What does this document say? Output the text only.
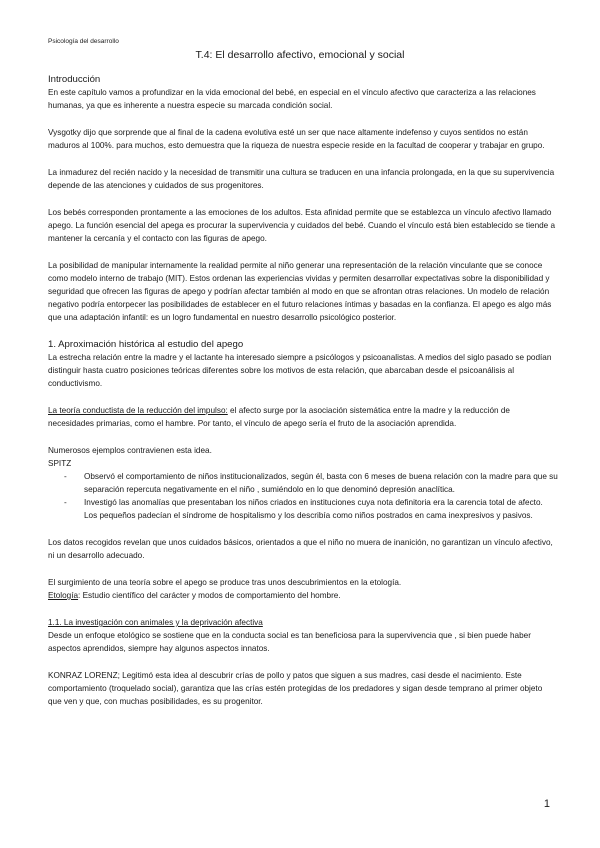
Psicología del desarrollo
T.4: El desarrollo afectivo, emocional y social

Introducción

En este capítulo vamos a profundizar en la vida emocional del bebé, en especial en el vínculo afectivo que caracteriza a las relaciones humanas, ya que es inherente a nuestra especie su marcada condición social.

Vysgotky dijo que sorprende que al final de la cadena evolutiva esté un ser que nace altamente indefenso y cuyos sentidos no están maduros al 100%. para muchos, esto demuestra que la riqueza de nuestra especie reside en la facultad de cooperar y trabajar en grupo.

La inmadurez del recién nacido y la necesidad de transmitir una cultura se traducen en una infancia prolongada, en la que su supervivencia depende de las atenciones y cuidados de sus progenitores.

Los bebés corresponden prontamente a las emociones de los adultos. Esta afinidad permite que se establezca un vínculo afectivo llamado apego. La función esencial del apega es procurar la supervivencia y cuidados del bebé. Cuando el vínculo está bien establecido se tiende a mantener la cercanía y el contacto con las figuras de apego.

La posibilidad de manipular internamente la realidad permite al niño generar una representación de la relación vinculante que se conoce como modelo interno de trabajo (MIT). Estos ordenan las experiencias vividas y permiten desarrollar expectativas sobre la disponibilidad y seguridad que ofrecen las figuras de apego y podrían afectar también al modo en que se afrontan otras relaciones. Un modelo de relación negativo podría entorpecer las posibilidades de establecer en el futuro relaciones íntimas y basadas en la confianza. El apego es algo más que una adaptación infantil: es un logro fundamental en nuestro desarrollo psicológico posterior.

1. Aproximación histórica al estudio del apego

La estrecha relación entre la madre y el lactante ha interesado siempre a psicólogos y psicoanalistas. A medios del siglo pasado se podían distinguir hasta cuatro posiciones teóricas diferentes sobre los motivos de esta relación, que abarcaban desde el psicoanálisis al conductivismo.

La teoría conductista de la reducción del impulso: el afecto surge por la asociación sistemática entre la madre y la reducción de necesidades primarias, como el hambre. Por tanto, el vínculo de apego sería el fruto de la asociación aprendida.

Numerosos ejemplos contravienen esta idea.

SPITZ

- Observó el comportamiento de niños institucionalizados, según él, basta con 6 meses de buena relación con la madre para que su separación repercuta negativamente en el niño , sumiéndolo en lo que denominó depresión anaclítica.
- Investigó las anomalías que presentaban los niños criados en instituciones cuya nota definitoria era la carencia total de afecto. Los pequeños padecían el síndrome de hospitalismo y los describía como niños postrados en cama inexpresivos y pasivos.

Los datos recogidos revelan que unos cuidados básicos, orientados a que el niño no muera de inanición, no garantizan un vínculo afectivo, ni un desarrollo adecuado.

El surgimiento de una teoría sobre el apego se produce tras unos descubrimientos en la etología.

Etología: Estudio científico del carácter y modos de comportamiento del hombre.

1.1. La investigación con animales y la deprivación afectiva

Desde un enfoque etológico se sostiene que en la conducta social es tan beneficiosa para la supervivencia que , si bien puede haber aspectos aprendidos, siempre hay algunos aspectos innatos.

KONRAZ LORENZ; Legitimó esta idea al descubrir crías de pollo y patos que siguen a sus madres, casi desde el nacimiento. Este comportamiento (troquelado social), garantiza que las crías estén protegidas de los predadores y sigan desde temprano al primer objeto que ven y que, con muchas posibilidades, es su progenitor.

1
